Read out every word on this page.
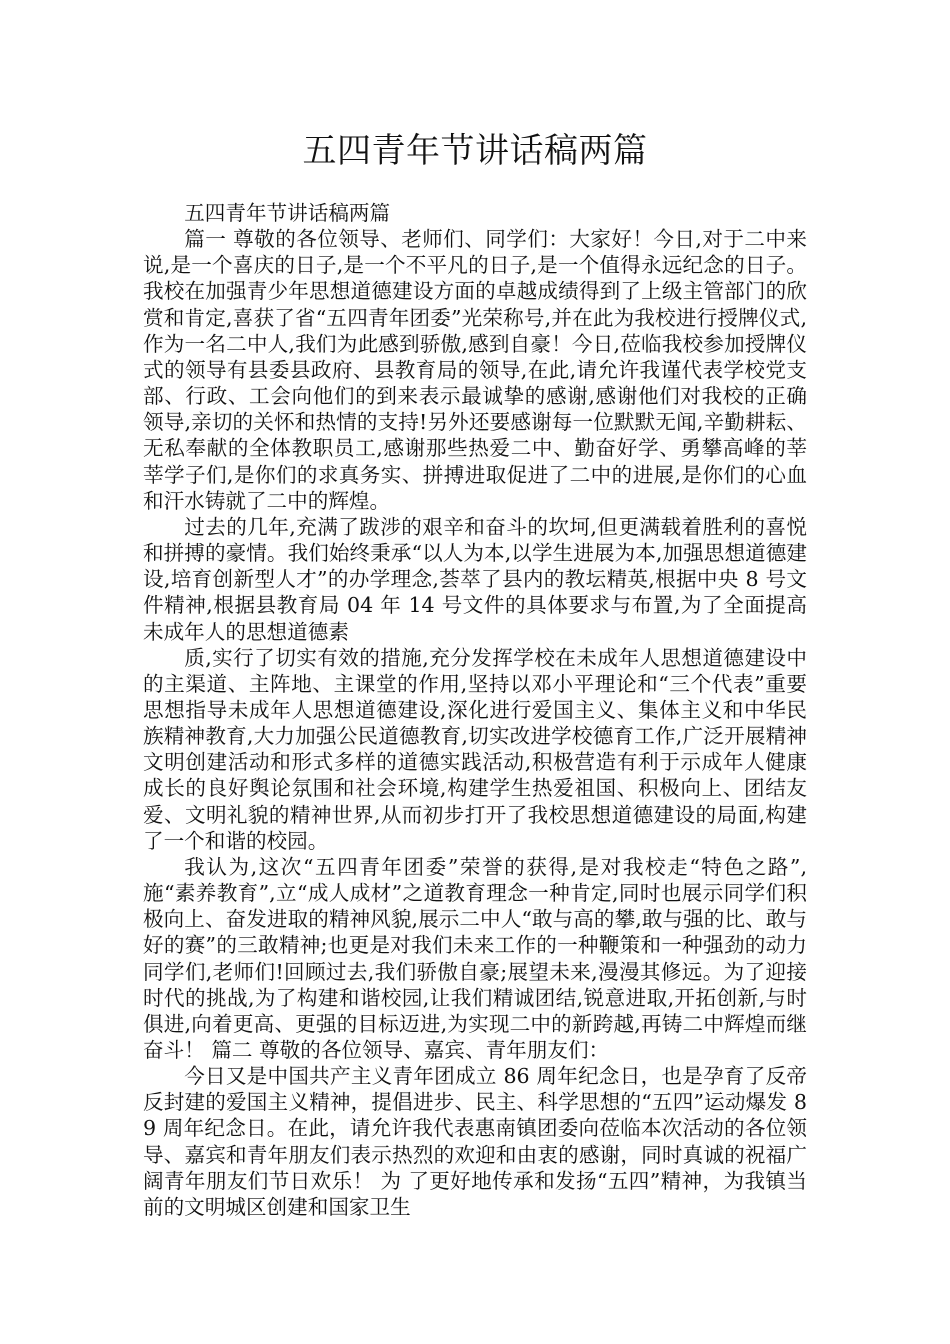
五四青年节讲话稿两篇

五四青年节讲话稿两篇

篇一 尊敬的各位领导、老师们、同学们：大家好！今日,对于二中来说,是一个喜庆的日子,是一个不平凡的日子,是一个值得永远纪念的日子。我校在加强青少年思想道德建设方面的卓越成绩得到了上级主管部门的欣赏和肯定,喜获了省“五四青年团委”光荣称号,并在此为我校进行授牌仪式,作为一名二中人,我们为此感到骄傲,感到自豪！今日,莅临我校参加授牌仪式的领导有县委县政府、县教育局的领导,在此,请允许我谨代表学校党支部、行政、工会向他们的到来表示最诚挚的感谢,感谢他们对我校的正确领导,亲切的关怀和热情的支持!另外还要感谢每一位默默无闻,辛勤耕耘、无私奉献的全体教职员工,感谢那些热爱二中、勤奋好学、勇攀高峰的莘莘学子们,是你们的求真务实、拼搏进取促进了二中的进展,是你们的心血和汗水铸就了二中的辉煌。

过去的几年,充满了跋涉的艰辛和奋斗的坎坷,但更满载着胜利的喜悦和拼搏的豪情。我们始终秉承“以人为本,以学生进展为本,加强思想道德建设,培育创新型人才”的办学理念,荟萃了县内的教坛精英,根据中央 8 号文件精神,根据县教育局 04 年 14 号文件的具体要求与布置,为了全面提高未成年人的思想道德素

质,实行了切实有效的措施,充分发挥学校在未成年人思想道德建设中的主渠道、主阵地、主课堂的作用,坚持以邓小平理论和“三个代表”重要思想指导未成年人思想道德建设,深化进行爱国主义、集体主义和中华民族精神教育,大力加强公民道德教育,切实改进学校德育工作,广泛开展精神文明创建活动和形式多样的道德实践活动,积极营造有利于示成年人健康成长的良好舆论氛围和社会环境,构建学生热爱祖国、积极向上、团结友爱、文明礼貌的精神世界,从而初步打开了我校思想道德建设的局面,构建了一个和谐的校园。

我认为,这次“五四青年团委”荣誉的获得,是对我校走“特色之路”,施“素养教育”,立“成人成材”之道教育理念一种肯定,同时也展示同学们积极向上、奋发进取的精神风貌,展示二中人“敢与高的攀,敢与强的比、敢与好的赛”的三敢精神;也更是对我们未来工作的一种鞭策和一种强劲的动力 同学们,老师们!回顾过去,我们骄傲自豪;展望未来,漫漫其修远。为了迎接时代的挑战,为了构建和谐校园,让我们精诚团结,锐意进取,开拓创新,与时俱进,向着更高、更强的目标迈进,为实现二中的新跨越,再铸二中辉煌而继奋斗！ 篇二 尊敬的各位领导、嘉宾、青年朋友们：

今日又是中国共产主义青年团成立 86 周年纪念日，也是孕育了反帝反封建的爱国主义精神，提倡进步、民主、科学思想的“五四”运动爆发 89 周年纪念日。在此，请允许我代表惠南镇团委向莅临本次活动的各位领导、嘉宾和青年朋友们表示热烈的欢迎和由衷的感谢，同时真诚的祝福广阔青年朋友们节日欢乐！ 为 了更好地传承和发扬“五四”精神，为我镇当前的文明城区创建和国家卫生
